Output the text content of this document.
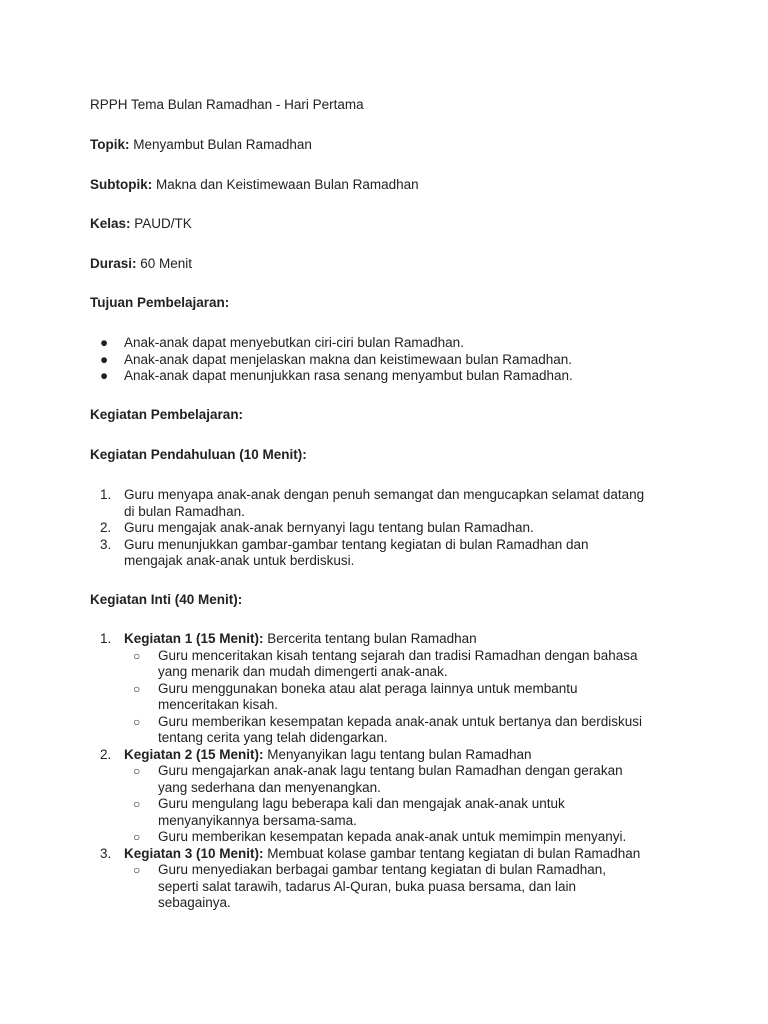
RPPH Tema Bulan Ramadhan - Hari Pertama
Topik: Menyambut Bulan Ramadhan
Subtopik: Makna dan Keistimewaan Bulan Ramadhan
Kelas: PAUD/TK
Durasi: 60 Menit
Tujuan Pembelajaran:
● Anak-anak dapat menyebutkan ciri-ciri bulan Ramadhan.
● Anak-anak dapat menjelaskan makna dan keistimewaan bulan Ramadhan.
● Anak-anak dapat menunjukkan rasa senang menyambut bulan Ramadhan.
Kegiatan Pembelajaran:
Kegiatan Pendahuluan (10 Menit):
1. Guru menyapa anak-anak dengan penuh semangat dan mengucapkan selamat datang di bulan Ramadhan.
2. Guru mengajak anak-anak bernyanyi lagu tentang bulan Ramadhan.
3. Guru menunjukkan gambar-gambar tentang kegiatan di bulan Ramadhan dan mengajak anak-anak untuk berdiskusi.
Kegiatan Inti (40 Menit):
1. Kegiatan 1 (15 Menit): Bercerita tentang bulan Ramadhan
○ Guru menceritakan kisah tentang sejarah dan tradisi Ramadhan dengan bahasa yang menarik dan mudah dimengerti anak-anak.
○ Guru menggunakan boneka atau alat peraga lainnya untuk membantu menceritakan kisah.
○ Guru memberikan kesempatan kepada anak-anak untuk bertanya dan berdiskusi tentang cerita yang telah didengarkan.
2. Kegiatan 2 (15 Menit): Menyanyikan lagu tentang bulan Ramadhan
○ Guru mengajarkan anak-anak lagu tentang bulan Ramadhan dengan gerakan yang sederhana dan menyenangkan.
○ Guru mengulang lagu beberapa kali dan mengajak anak-anak untuk menyanyikannya bersama-sama.
○ Guru memberikan kesempatan kepada anak-anak untuk memimpin menyanyi.
3. Kegiatan 3 (10 Menit): Membuat kolase gambar tentang kegiatan di bulan Ramadhan
○ Guru menyediakan berbagai gambar tentang kegiatan di bulan Ramadhan, seperti salat tarawih, tadarus Al-Quran, buka puasa bersama, dan lain sebagainya.
